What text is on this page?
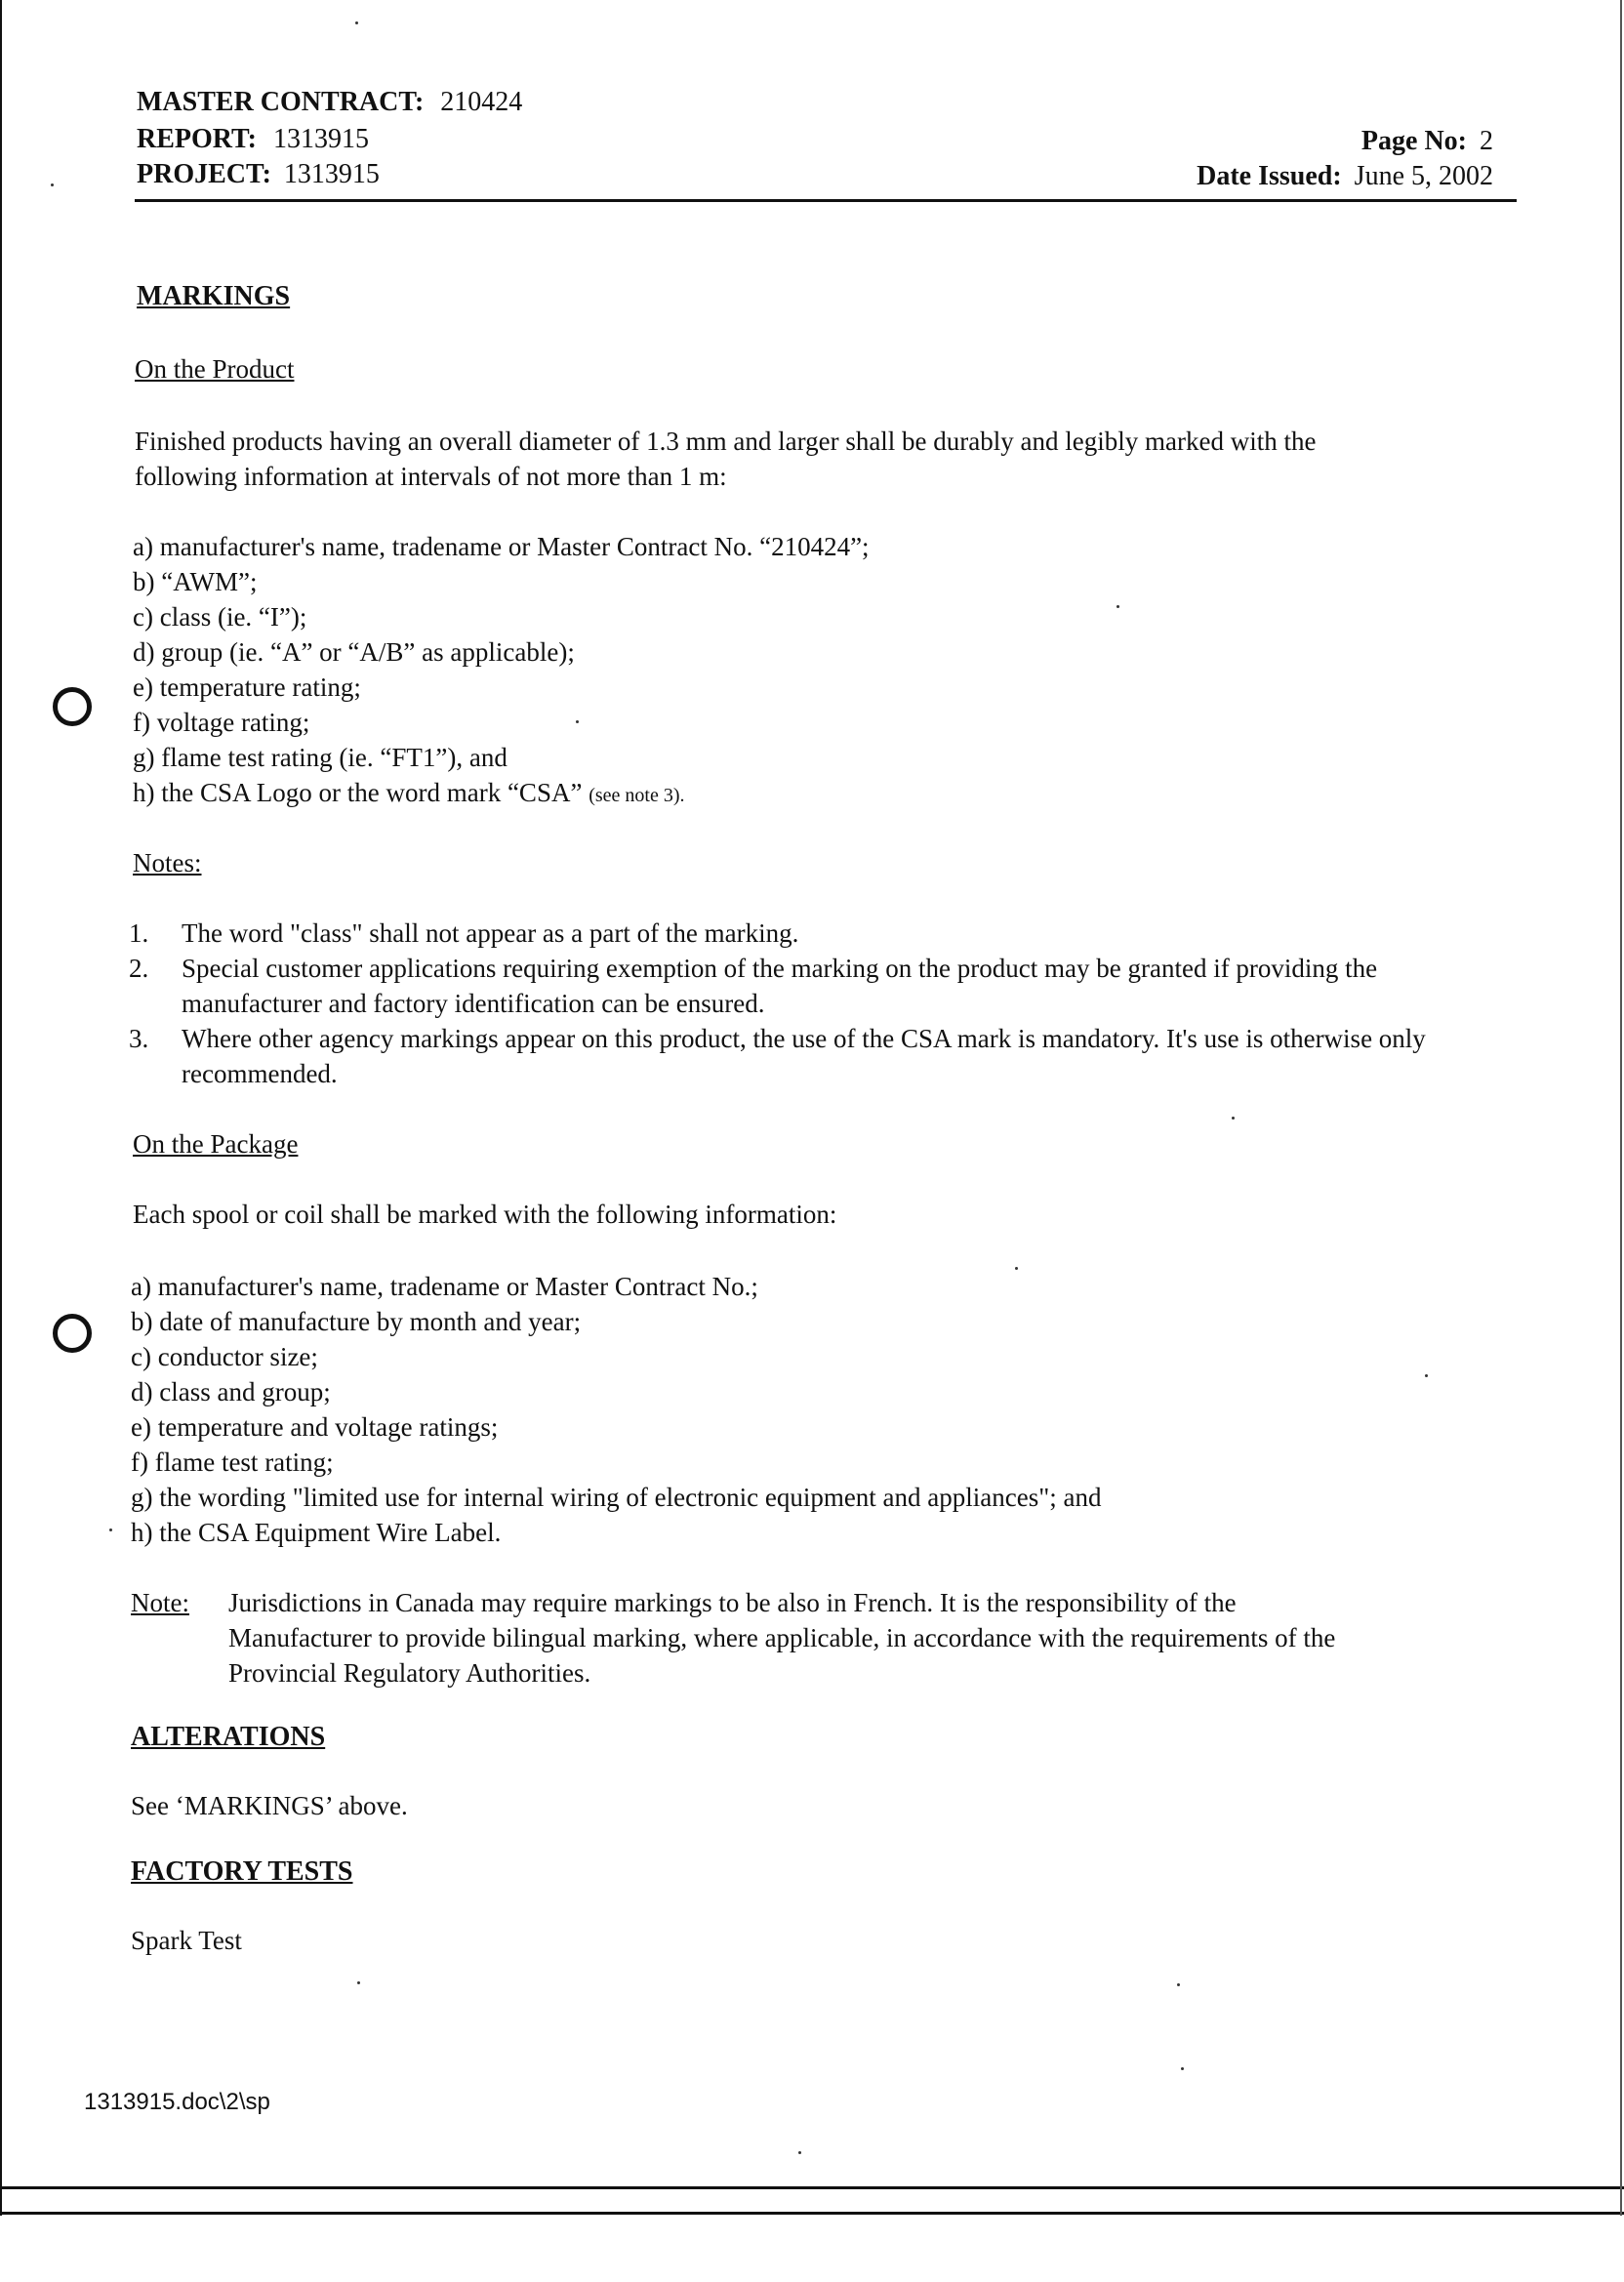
MASTER CONTRACT: 210424
REPORT: 1313915
PROJECT: 1313915
Page No: 2
Date Issued: June 5, 2002
MARKINGS
On the Product
Finished products having an overall diameter of 1.3 mm and larger shall be durably and legibly marked with the
following information at intervals of not more than 1 m:
a) manufacturer's name, tradename or Master Contract No. “210424”;
b) “AWM”;
c) class (ie. “I”);
d) group (ie. “A” or “A/B” as applicable);
e) temperature rating;
f) voltage rating;
g) flame test rating (ie. “FT1”), and
h) the CSA Logo or the word mark “CSA” (see note 3).
Notes:
1. The word "class" shall not appear as a part of the marking.
2. Special customer applications requiring exemption of the marking on the product may be granted if providing the manufacturer and factory identification can be ensured.
3. Where other agency markings appear on this product, the use of the CSA mark is mandatory. It's use is otherwise only recommended.
On the Package
Each spool or coil shall be marked with the following information:
a) manufacturer's name, tradename or Master Contract No.;
b) date of manufacture by month and year;
c) conductor size;
d) class and group;
e) temperature and voltage ratings;
f) flame test rating;
g) the wording "limited use for internal wiring of electronic equipment and appliances"; and
h) the CSA Equipment Wire Label.
Note: Jurisdictions in Canada may require markings to be also in French. It is the responsibility of the
Manufacturer to provide bilingual marking, where applicable, in accordance with the requirements of the
Provincial Regulatory Authorities.
ALTERATIONS
See ‘MARKINGS’ above.
FACTORY TESTS
Spark Test
1313915.doc\2\sp
